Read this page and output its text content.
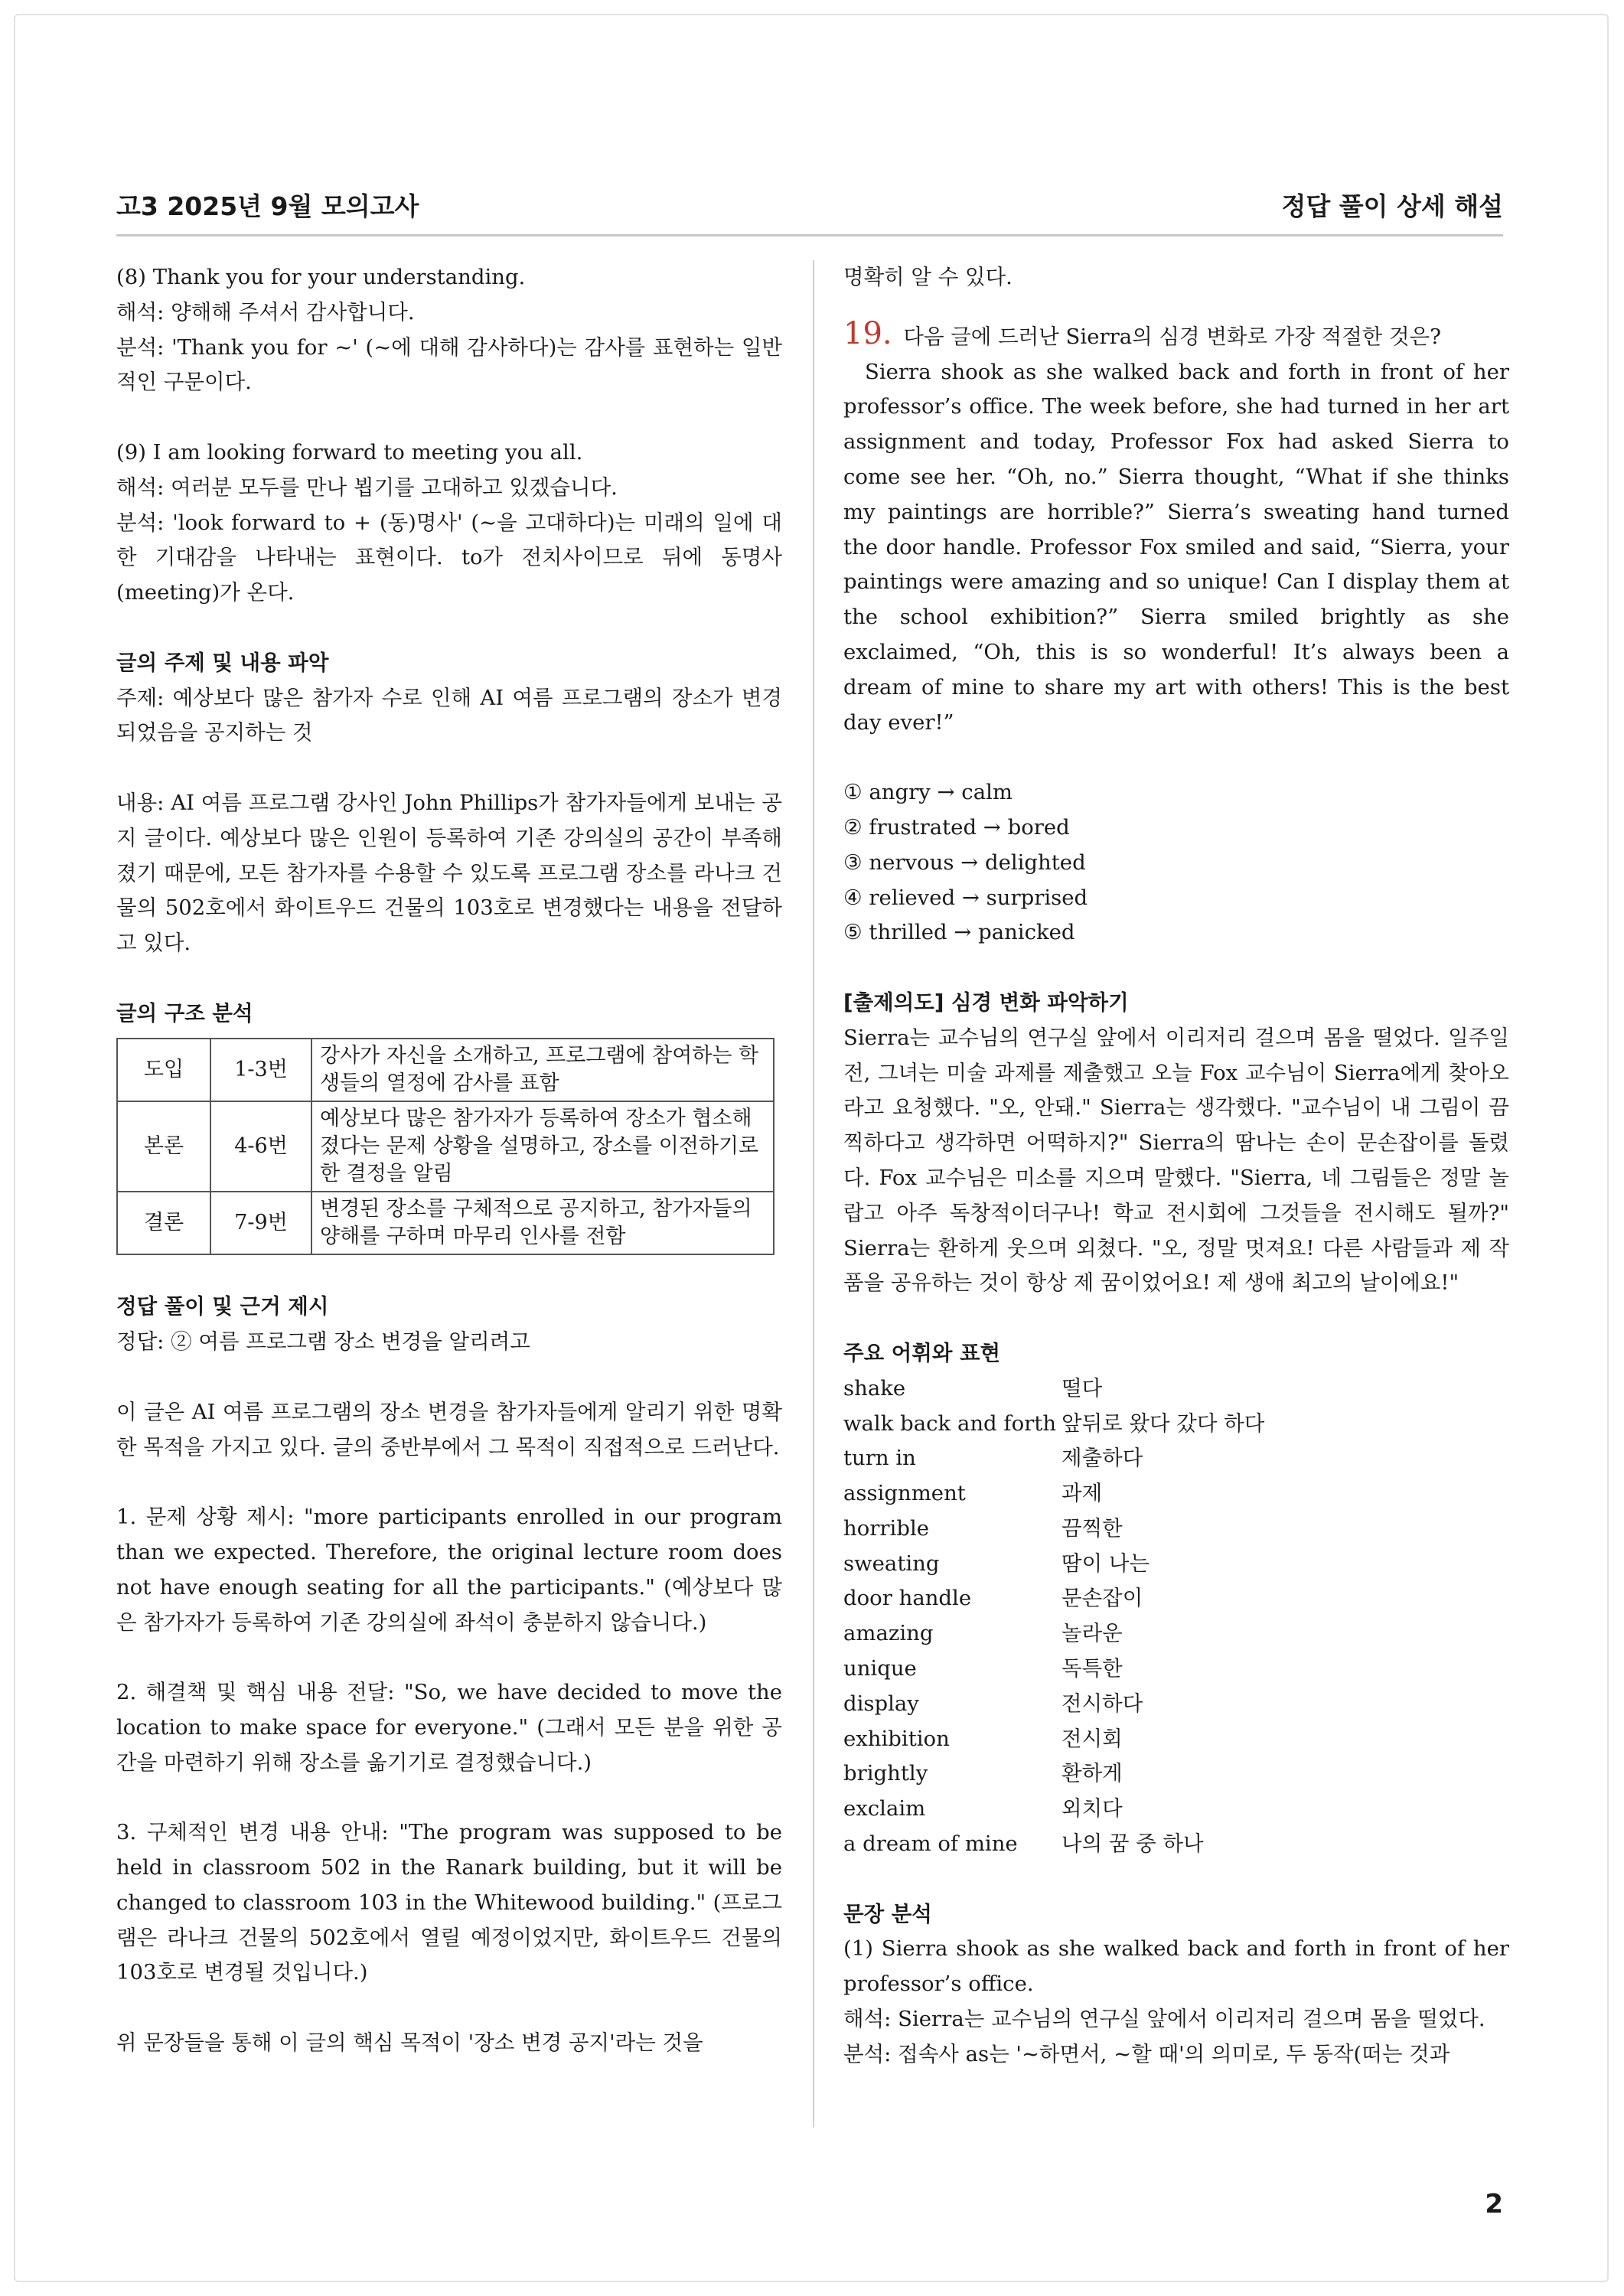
고3 2025년 9월 모의고사	정답 풀이 상세 해설

(8) Thank you for your understanding.

해석: 양해해 주셔서 감사합니다.

분석: 'Thank you for ~' (~에 대해 감사하다)는 감사를 표현하는 일반적인 구문이다.

(9) I am looking forward to meeting you all.

해석: 여러분 모두를 만나 뵙기를 고대하고 있겠습니다.

분석: 'look forward to + (동)명사' (~을 고대하다)는 미래의 일에 대한 기대감을 나타내는 표현이다. to가 전치사이므로 뒤에 동명사(meeting)가 온다.

글의 주제 및 내용 파악

주제: 예상보다 많은 참가자 수로 인해 AI 여름 프로그램의 장소가 변경되었음을 공지하는 것

내용: AI 여름 프로그램 강사인 John Phillips가 참가자들에게 보내는 공지 글이다. 예상보다 많은 인원이 등록하여 기존 강의실의 공간이 부족해졌기 때문에, 모든 참가자를 수용할 수 있도록 프로그램 장소를 라나크 건물의 502호에서 화이트우드 건물의 103호로 변경했다는 내용을 전달하고 있다.

글의 구조 분석

도입	1-3번	강사가 자신을 소개하고, 프로그램에 참여하는 학생들의 열정에 감사를 표함
본론	4-6번	예상보다 많은 참가자가 등록하여 장소가 협소해졌다는 문제 상황을 설명하고, 장소를 이전하기로 한 결정을 알림
결론	7-9번	변경된 장소를 구체적으로 공지하고, 참가자들의 양해를 구하며 마무리 인사를 전함

정답 풀이 및 근거 제시

정답: ② 여름 프로그램 장소 변경을 알리려고

이 글은 AI 여름 프로그램의 장소 변경을 참가자들에게 알리기 위한 명확한 목적을 가지고 있다. 글의 중반부에서 그 목적이 직접적으로 드러난다.

1. 문제 상황 제시: "more participants enrolled in our program than we expected. Therefore, the original lecture room does not have enough seating for all the participants." (예상보다 많은 참가자가 등록하여 기존 강의실에 좌석이 충분하지 않습니다.)

2. 해결책 및 핵심 내용 전달: "So, we have decided to move the location to make space for everyone." (그래서 모든 분을 위한 공간을 마련하기 위해 장소를 옮기기로 결정했습니다.)

3. 구체적인 변경 내용 안내: "The program was supposed to be held in classroom 502 in the Ranark building, but it will be changed to classroom 103 in the Whitewood building." (프로그램은 라나크 건물의 502호에서 열릴 예정이었지만, 화이트우드 건물의 103호로 변경될 것입니다.)

위 문장들을 통해 이 글의 핵심 목적이 '장소 변경 공지'라는 것을

명확히 알 수 있다.

19. 다음 글에 드러난 Sierra의 심경 변화로 가장 적절한 것은?

Sierra shook as she walked back and forth in front of her professor’s office. The week before, she had turned in her art assignment and today, Professor Fox had asked Sierra to come see her. “Oh, no.” Sierra thought, “What if she thinks my paintings are horrible?” Sierra’s sweating hand turned the door handle. Professor Fox smiled and said, “Sierra, your paintings were amazing and so unique! Can I display them at the school exhibition?” Sierra smiled brightly as she exclaimed, “Oh, this is so wonderful! It’s always been a dream of mine to share my art with others! This is the best day ever!”

① angry → calm

② frustrated → bored

③ nervous → delighted

④ relieved → surprised

⑤ thrilled → panicked

[출제의도] 심경 변화 파악하기

Sierra는 교수님의 연구실 앞에서 이리저리 걸으며 몸을 떨었다. 일주일 전, 그녀는 미술 과제를 제출했고 오늘 Fox 교수님이 Sierra에게 찾아오라고 요청했다. "오, 안돼." Sierra는 생각했다. "교수님이 내 그림이 끔찍하다고 생각하면 어떡하지?" Sierra의 땀나는 손이 문손잡이를 돌렸다. Fox 교수님은 미소를 지으며 말했다. "Sierra, 네 그림들은 정말 놀랍고 아주 독창적이더구나! 학교 전시회에 그것들을 전시해도 될까?" Sierra는 환하게 웃으며 외쳤다. "오, 정말 멋져요! 다른 사람들과 제 작품을 공유하는 것이 항상 제 꿈이었어요! 제 생애 최고의 날이에요!"

주요 어휘와 표현

shake	떨다
walk back and forth 앞뒤로 왔다 갔다 하다
turn in	제출하다
assignment	과제
horrible	끔찍한
sweating	땀이 나는
door handle	문손잡이
amazing	놀라운
unique	독특한
display	전시하다
exhibition	전시회
brightly	환하게
exclaim	외치다
a dream of mine	나의 꿈 중 하나

문장 분석

(1) Sierra shook as she walked back and forth in front of her professor’s office.

해석: Sierra는 교수님의 연구실 앞에서 이리저리 걸으며 몸을 떨었다.

분석: 접속사 as는 '~하면서, ~할 때'의 의미로, 두 동작(떠는 것과

2
